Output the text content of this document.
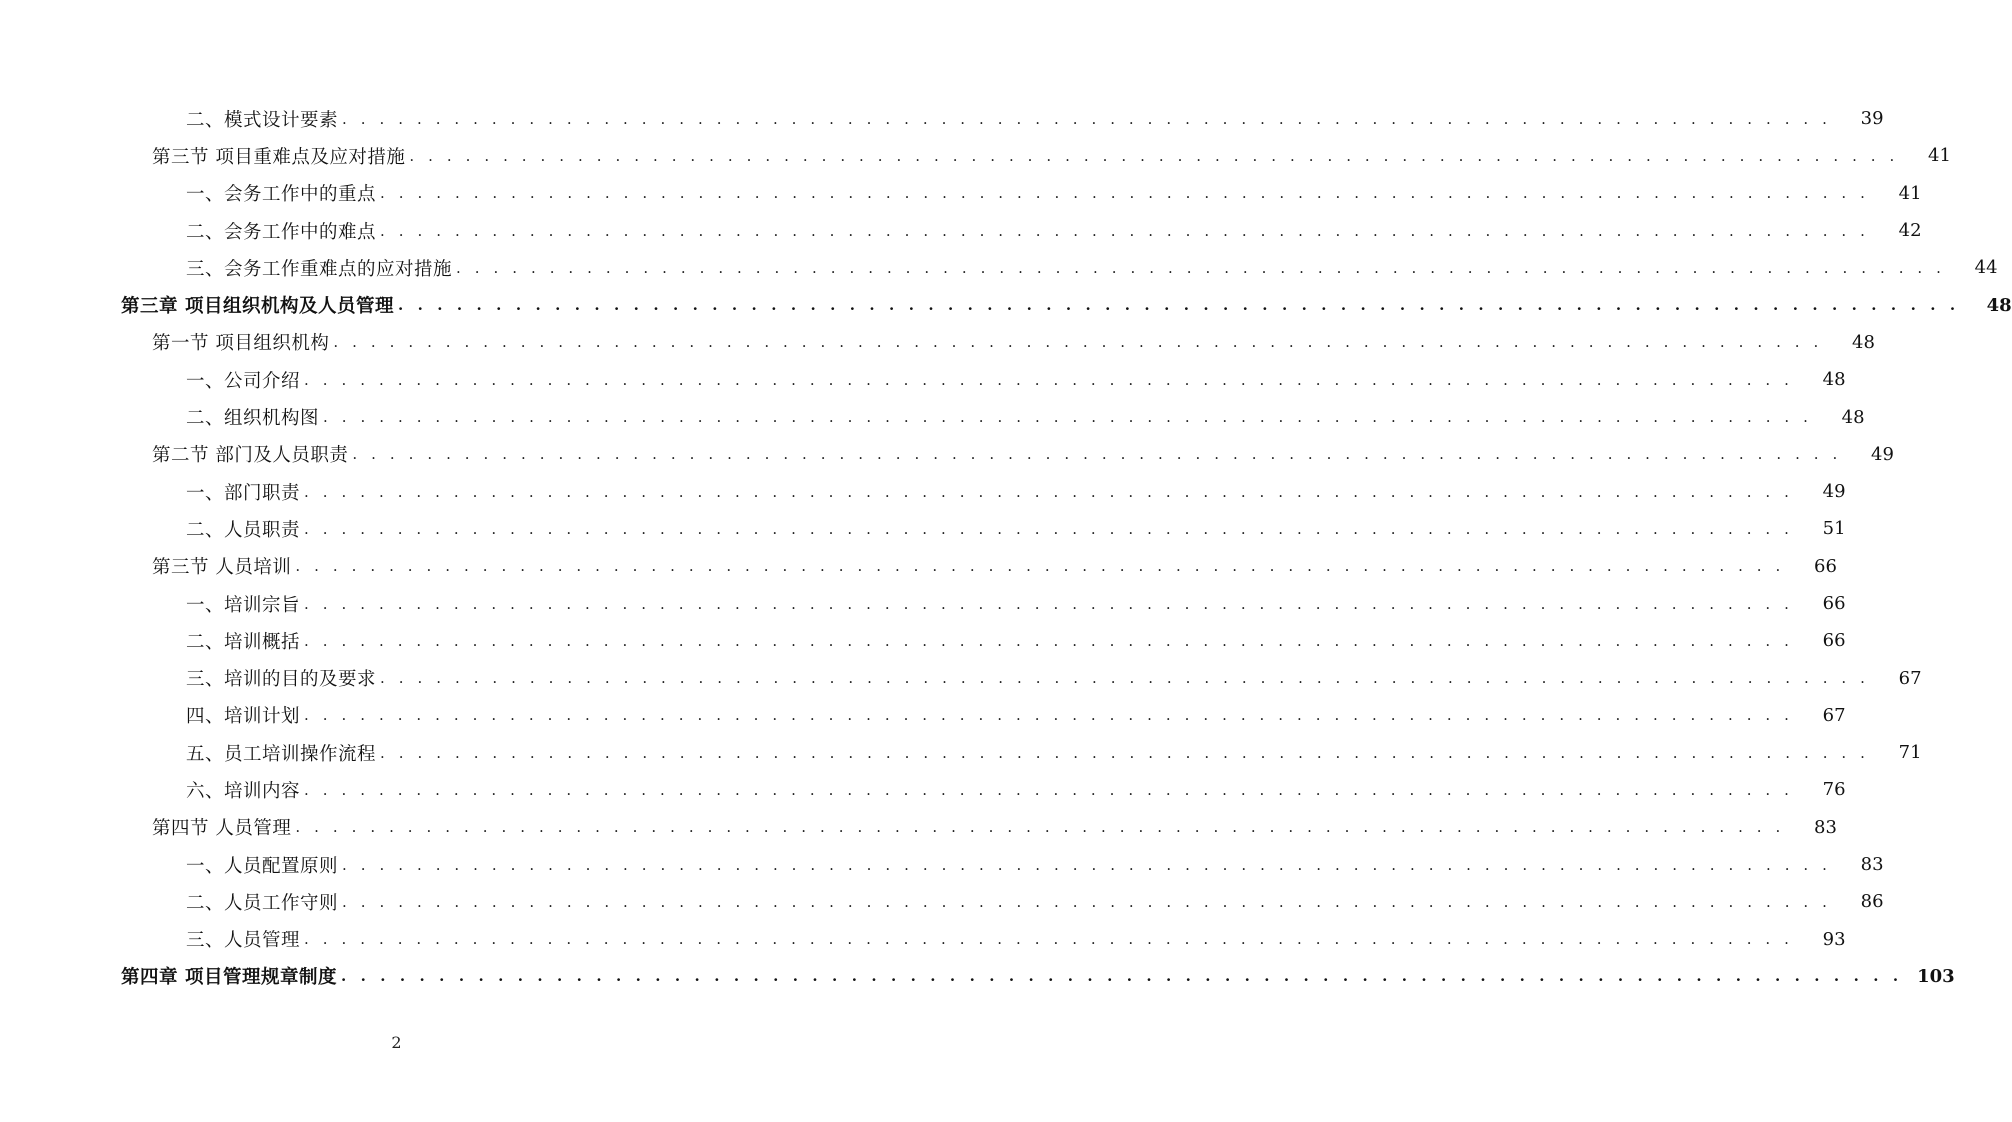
二、模式设计要素 . . . . . . . . . . . . . . . . . . . . . . . . . . . . . . . . . . . . . . . . . . . . . . . . . . . . . . . . . . . . . . . . . . . . . . . . . . . . . . . .	39
第三节 项目重难点及应对措施 . . . . . . . . . . . . . . . . . . . . . . . . . . . . . . . . . . . . . . . . . . . . . . . . . . . . . . . . . . . . . . . . . . . . . . . . . . . . . . . .	41
一、会务工作中的重点 . . . . . . . . . . . . . . . . . . . . . . . . . . . . . . . . . . . . . . . . . . . . . . . . . . . . . . . . . . . . . . . . . . . . . . . . . . . . . . . .	41
二、会务工作中的难点 . . . . . . . . . . . . . . . . . . . . . . . . . . . . . . . . . . . . . . . . . . . . . . . . . . . . . . . . . . . . . . . . . . . . . . . . . . . . . . . .	42
三、会务工作重难点的应对措施 . . . . . . . . . . . . . . . . . . . . . . . . . . . . . . . . . . . . . . . . . . . . . . . . . . . . . . . . . . . . . . . . . . . . . . . . . . . . . . . .	44
第三章 项目组织机构及人员管理 . . . . . . . . . . . . . . . . . . . . . . . . . . . . . . . . . . . . . . . . . . . . . . . . . . . . . . . . . . . . . . . . . . . . . . . . . . . . . . . .	48
第一节 项目组织机构 . . . . . . . . . . . . . . . . . . . . . . . . . . . . . . . . . . . . . . . . . . . . . . . . . . . . . . . . . . . . . . . . . . . . . . . . . . . . . . . .	48
一、公司介绍 . . . . . . . . . . . . . . . . . . . . . . . . . . . . . . . . . . . . . . . . . . . . . . . . . . . . . . . . . . . . . . . . . . . . . . . . . . . . . . . .	48
二、组织机构图 . . . . . . . . . . . . . . . . . . . . . . . . . . . . . . . . . . . . . . . . . . . . . . . . . . . . . . . . . . . . . . . . . . . . . . . . . . . . . . . .	48
第二节 部门及人员职责 . . . . . . . . . . . . . . . . . . . . . . . . . . . . . . . . . . . . . . . . . . . . . . . . . . . . . . . . . . . . . . . . . . . . . . . . . . . . . . . .	49
一、部门职责 . . . . . . . . . . . . . . . . . . . . . . . . . . . . . . . . . . . . . . . . . . . . . . . . . . . . . . . . . . . . . . . . . . . . . . . . . . . . . . . .	49
二、人员职责 . . . . . . . . . . . . . . . . . . . . . . . . . . . . . . . . . . . . . . . . . . . . . . . . . . . . . . . . . . . . . . . . . . . . . . . . . . . . . . . .	51
第三节 人员培训 . . . . . . . . . . . . . . . . . . . . . . . . . . . . . . . . . . . . . . . . . . . . . . . . . . . . . . . . . . . . . . . . . . . . . . . . . . . . . . . .	66
一、培训宗旨 . . . . . . . . . . . . . . . . . . . . . . . . . . . . . . . . . . . . . . . . . . . . . . . . . . . . . . . . . . . . . . . . . . . . . . . . . . . . . . . .	66
二、培训概括 . . . . . . . . . . . . . . . . . . . . . . . . . . . . . . . . . . . . . . . . . . . . . . . . . . . . . . . . . . . . . . . . . . . . . . . . . . . . . . . .	66
三、培训的目的及要求 . . . . . . . . . . . . . . . . . . . . . . . . . . . . . . . . . . . . . . . . . . . . . . . . . . . . . . . . . . . . . . . . . . . . . . . . . . . . . . . .	67
四、培训计划 . . . . . . . . . . . . . . . . . . . . . . . . . . . . . . . . . . . . . . . . . . . . . . . . . . . . . . . . . . . . . . . . . . . . . . . . . . . . . . . .	67
五、员工培训操作流程 . . . . . . . . . . . . . . . . . . . . . . . . . . . . . . . . . . . . . . . . . . . . . . . . . . . . . . . . . . . . . . . . . . . . . . . . . . . . . . . .	71
六、培训内容 . . . . . . . . . . . . . . . . . . . . . . . . . . . . . . . . . . . . . . . . . . . . . . . . . . . . . . . . . . . . . . . . . . . . . . . . . . . . . . . .	76
第四节 人员管理 . . . . . . . . . . . . . . . . . . . . . . . . . . . . . . . . . . . . . . . . . . . . . . . . . . . . . . . . . . . . . . . . . . . . . . . . . . . . . . . .	83
一、人员配置原则 . . . . . . . . . . . . . . . . . . . . . . . . . . . . . . . . . . . . . . . . . . . . . . . . . . . . . . . . . . . . . . . . . . . . . . . . . . . . . . . .	83
二、人员工作守则 . . . . . . . . . . . . . . . . . . . . . . . . . . . . . . . . . . . . . . . . . . . . . . . . . . . . . . . . . . . . . . . . . . . . . . . . . . . . . . . .	86
三、人员管理 . . . . . . . . . . . . . . . . . . . . . . . . . . . . . . . . . . . . . . . . . . . . . . . . . . . . . . . . . . . . . . . . . . . . . . . . . . . . . . . .	93
第四章 项目管理规章制度 . . . . . . . . . . . . . . . . . . . . . . . . . . . . . . . . . . . . . . . . . . . . . . . . . . . . . . . . . . . . . . . . . . . . . . . . . . . . . . . . 103
2
